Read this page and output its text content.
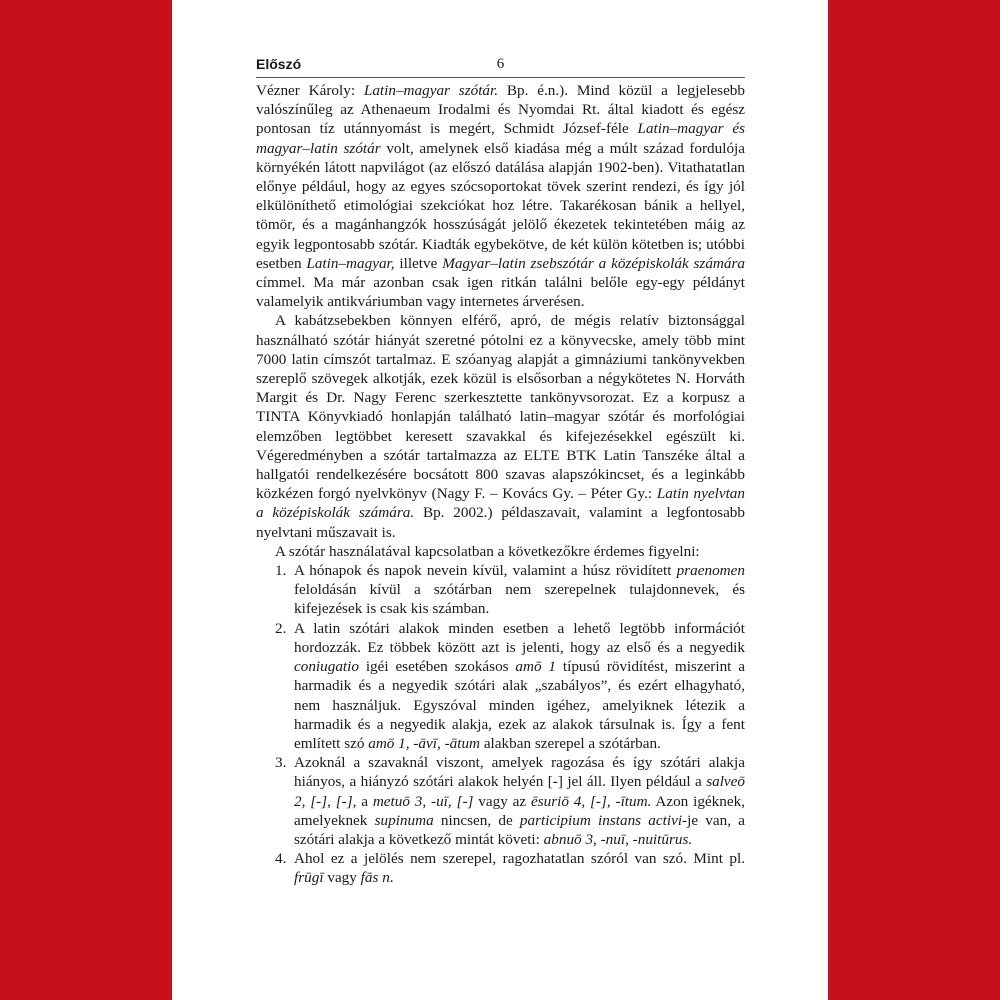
Előszó	6

Vézner Károly: Latin–magyar szótár. Bp. é.n.). Mind közül a legjelesebb valószínűleg az Athenaeum Irodalmi és Nyomdai Rt. által kiadott és egész pontosan tíz utánnyomást is megért, Schmidt József-féle Latin–magyar és magyar–latin szótár volt, amelynek első kiadása még a múlt század fordulója környékén látott napvilágot (az előszó datálása alapján 1902-ben). Vitathatatlan előnye például, hogy az egyes szócsoportokat tövek szerint rendezi, és így jól elkülöníthető etimológiai szekciókat hoz létre. Takarékosan bánik a hellyel, tömör, és a magánhangzók hosszúságát jelölő ékezetek tekintetében máig az egyik legpontosabb szótár. Kiadták egybekötve, de két külön kötetben is; utóbbi esetben Latin–magyar, illetve Magyar–latin zsebszótár a középiskolák számára címmel. Ma már azonban csak igen ritkán találni belőle egy-egy példányt valamelyik antikváriumban vagy internetes árverésen.

A kabátzsebekben könnyen elférő, apró, de mégis relatív biztonsággal használható szótár hiányát szeretné pótolni ez a könyvecske, amely több mint 7000 latin címszót tartalmaz. E szóanyag alapját a gimnáziumi tankönyvekben szereplő szövegek alkotják, ezek közül is elsősorban a négykötetes N. Horváth Margit és Dr. Nagy Ferenc szerkesztette tankönyvsorozat. Ez a korpusz a TINTA Könyvkiadó honlapján található latin–magyar szótár és morfológiai elemzőben legtöbbet keresett szavakkal és kifejezésekkel egészült ki. Végeredményben a szótár tartalmazza az ELTE BTK Latin Tanszéke által a hallgatói rendelkezésére bocsátott 800 szavas alapszókincset, és a leginkább közkézen forgó nyelvkönyv (Nagy F. – Kovács Gy. – Péter Gy.: Latin nyelvtan a középiskolák számára. Bp. 2002.) példaszavait, valamint a legfontosabb nyelvtani műszavait is.

A szótár használatával kapcsolatban a következőkre érdemes figyelni:

1. A hónapok és napok nevein kívül, valamint a húsz rövidített praenomen feloldásán kívül a szótárban nem szerepelnek tulajdonnevek, és kifejezések is csak kis számban.
2. A latin szótári alakok minden esetben a lehető legtöbb információt hordozzák. Ez többek között azt is jelenti, hogy az első és a negyedik coniugatio igéi esetében szokásos amō 1 típusú rövidítést, miszerint a harmadik és a negyedik szótári alak „szabályos”, és ezért elhagyható, nem használjuk. Egyszóval minden igéhez, amelyiknek létezik a harmadik és a negyedik alakja, ezek az alakok társulnak is. Így a fent említett szó amō 1, -āvī, -ātum alakban szerepel a szótárban.
3. Azoknál a szavaknál viszont, amelyek ragozása és így szótári alakja hiányos, a hiányzó szótári alakok helyén [-] jel áll. Ilyen például a salveō 2, [-], [-], a metuō 3, -uī, [-] vagy az ēsuriō 4, [-], -ītum. Azon igéknek, amelyeknek supinuma nincsen, de participium instans activi-je van, a szótári alakja a következő mintát követi: abnuō 3, -nuī, -nuitūrus.
4. Ahol ez a jelölés nem szerepel, ragozhatatlan szóról van szó. Mint pl. frūgī vagy fās n.
